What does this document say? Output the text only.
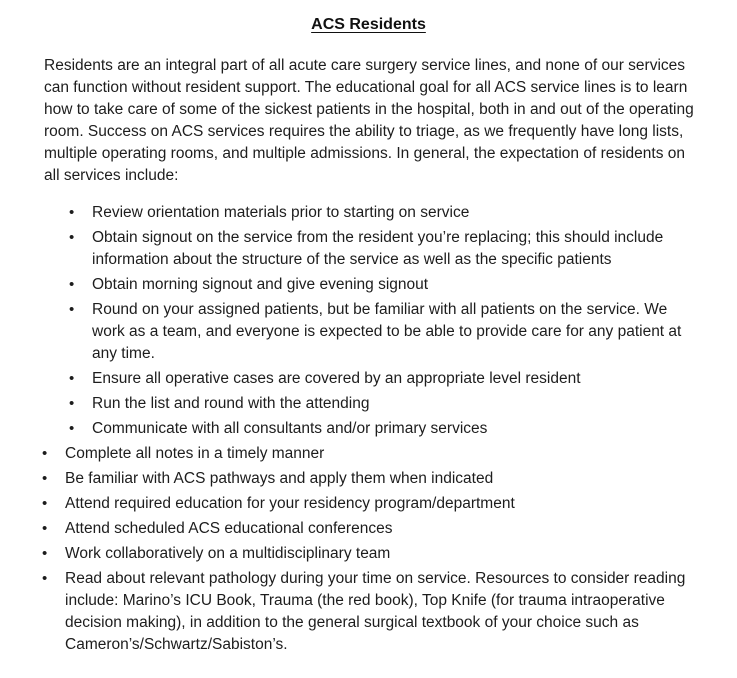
ACS Residents

Residents are an integral part of all acute care surgery service lines, and none of our services can function without resident support. The educational goal for all ACS service lines is to learn how to take care of some of the sickest patients in the hospital, both in and out of the operating room. Success on ACS services requires the ability to triage, as we frequently have long lists, multiple operating rooms, and multiple admissions. In general, the expectation of residents on all services include:

• Review orientation materials prior to starting on service
• Obtain signout on the service from the resident you’re replacing; this should include information about the structure of the service as well as the specific patients
• Obtain morning signout and give evening signout
• Round on your assigned patients, but be familiar with all patients on the service. We work as a team, and everyone is expected to be able to provide care for any patient at any time.
• Ensure all operative cases are covered by an appropriate level resident
• Run the list and round with the attending
• Communicate with all consultants and/or primary services
• Complete all notes in a timely manner
• Be familiar with ACS pathways and apply them when indicated
• Attend required education for your residency program/department
• Attend scheduled ACS educational conferences
• Work collaboratively on a multidisciplinary team
• Read about relevant pathology during your time on service. Resources to consider reading include: Marino’s ICU Book, Trauma (the red book), Top Knife (for trauma intraoperative decision making), in addition to the general surgical textbook of your choice such as Cameron’s/Schwartz/Sabiston’s.
